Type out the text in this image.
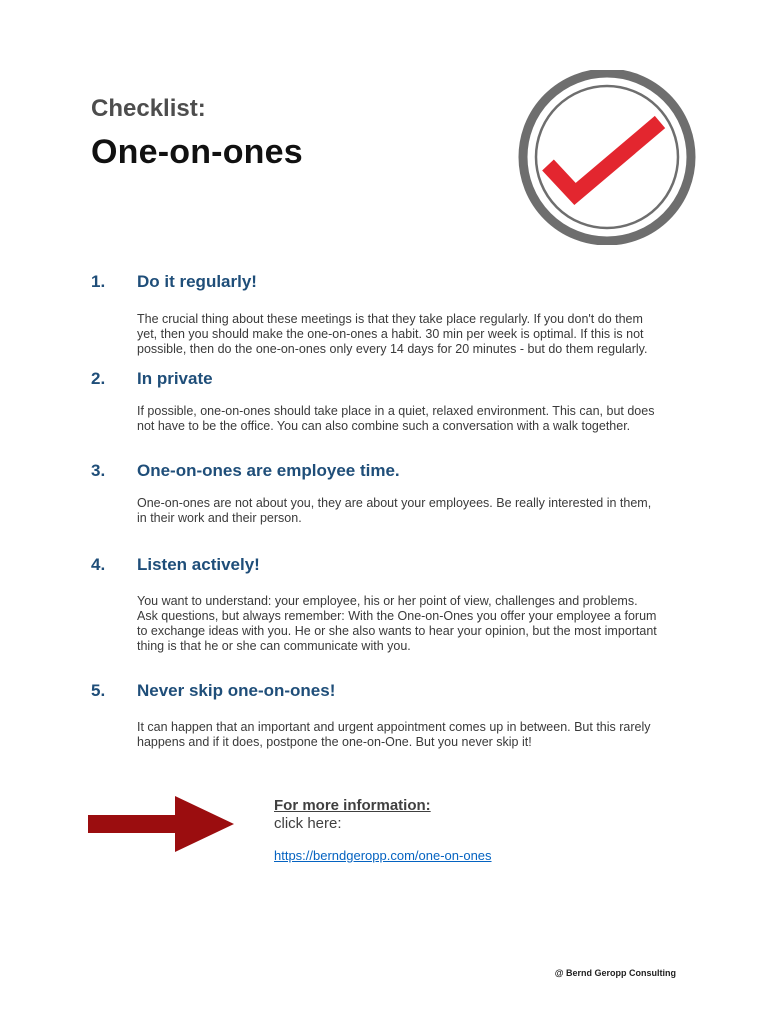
Checklist:
One-on-ones
1. Do it regularly!

The crucial thing about these meetings is that they take place regularly. If you don't do them
yet, then you should make the one-on-ones a habit. 30 min per week is optimal. If this is not
possible, then do the one-on-ones only every 14 days for 20 minutes - but do them regularly.

2. In private

If possible, one-on-ones should take place in a quiet, relaxed environment. This can, but does
not have to be the office. You can also combine such a conversation with a walk together.

3. One-on-ones are employee time.

One-on-ones are not about you, they are about your employees. Be really interested in them,
in their work and their person.

4. Listen actively!

You want to understand: your employee, his or her point of view, challenges and problems.
Ask questions, but always remember: With the One-on-Ones you offer your employee a forum
to exchange ideas with you. He or she also wants to hear your opinion, but the most important
thing is that he or she can communicate with you.

5. Never skip one-on-ones!

It can happen that an important and urgent appointment comes up in between. But this rarely
happens and if it does, postpone the one-on-One. But you never skip it!

For more information:

click here:

https://berndgeropp.com/one-on-ones

@ Bernd Geropp Consulting
